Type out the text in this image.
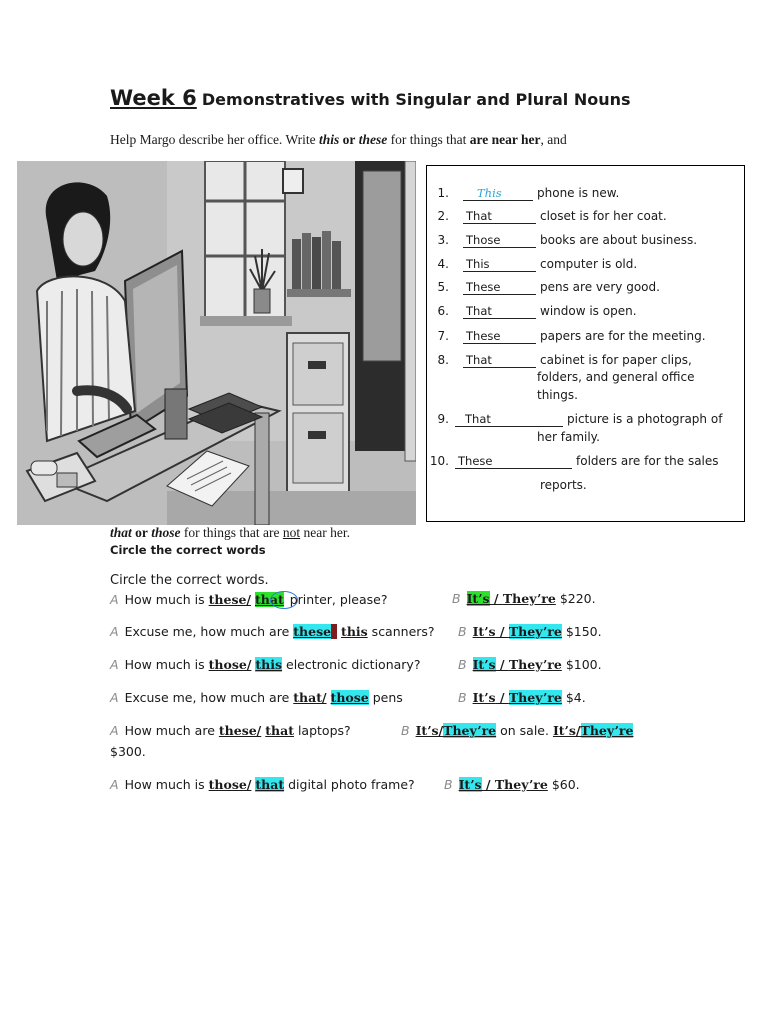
Week 6 Demonstratives with Singular and Plural Nouns
Help Margo describe her office. Write this or these for things that are near her, and
1.	This	phone is new.
2. That	closet is for her coat.
3. Those	books are about business.
4. This	computer is old.
5. These	pens are very good.
6. That	window is open.
7. These	papers are for the meeting.
8. That	cabinet is for paper clips,
folders, and general office
things.
9.	That	picture is a photograph of
her family.
10. These	folders are for the sales
reports.
that or those for things that are not near her.
Circle the correct words
Circle the correct words.
A How much is these/ that printer, please?	B It’s / They’re $220.
A Excuse me, how much are these this scanners? B It’s / They’re $150.
A How much is those/ this electronic dictionary?	B It’s / They’re $100.
A Excuse me, how much are that/ those pens	B It’s / They’re $4.
A How much are these/ that laptops?	B It’s/They’re on sale. It’s/They’re
$300.
A How much is those/ that digital photo frame? B It’s / They’re $60.
